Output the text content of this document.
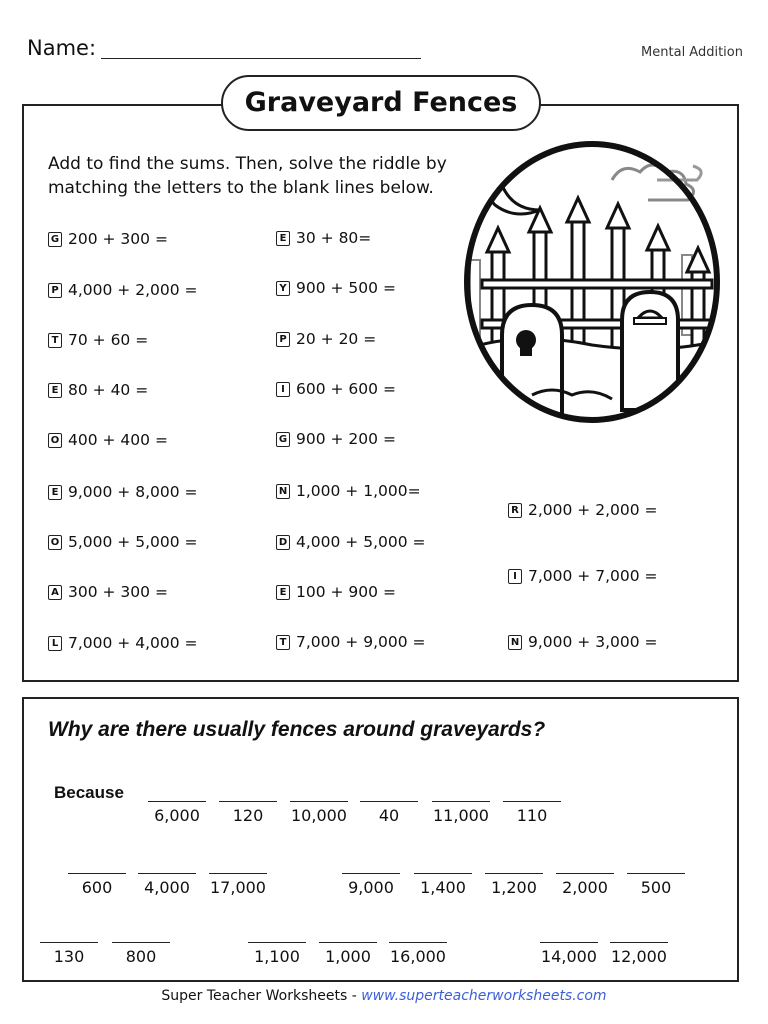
Name:	Mental Addition
Graveyard Fences
Add to find the sums. Then, solve the riddle by matching the letters to the blank lines below.
G 200 + 300 =
P 4,000 + 2,000 =
T 70 + 60 =
E 80 + 40 =
O 400 + 400 =
E 9,000 + 8,000 =
O 5,000 + 5,000 =
A 300 + 300 =
L 7,000 + 4,000 =
E 30 + 80=
Y 900 + 500 =
P 20 + 20 =
I 600 + 600 =
G 900 + 200 =
N 1,000 + 1,000=
D 4,000 + 5,000 =
E 100 + 900 =
T 7,000 + 9,000 =
R 2,000 + 2,000 =
I 7,000 + 7,000 =
N 9,000 + 3,000 =
Why are there usually fences around graveyards?
Because
6,000	120	10,000	40	11,000	110
600	4,000	17,000	9,000	1,400	1,200	2,000	500
130	800	1,100	1,000	16,000	14,000 12,000
Super Teacher Worksheets - www.superteacherworksheets.com
